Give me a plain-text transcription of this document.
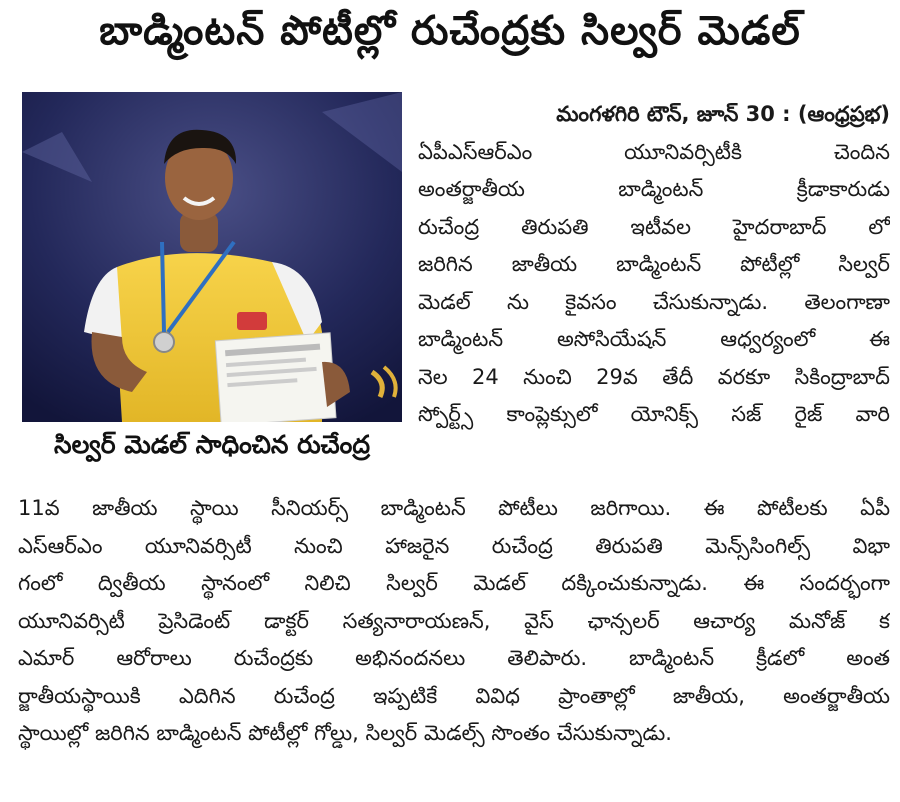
బాడ్మింటన్ పోటీల్లో రుచేంద్రకు సిల్వర్ మెడల్
సిల్వర్ మెడల్ సాధించిన రుచేంద్ర
మంగళగిరి టౌన్, జూన్ 30 : (ఆంధ్రప్రభ)
ఏపీఎస్ఆర్ఎం యూనివర్సిటీకి చెందిన
అంతర్జాతీయ బాడ్మింటన్ క్రీడాకారుడు
రుచేంద్ర తిరుపతి ఇటీవల హైదరాబాద్ లో
జరిగిన జాతీయ బాడ్మింటన్ పోటీల్లో సిల్వర్
మెడల్ ను కైవసం చేసుకున్నాడు. తెలంగాణా
బాడ్మింటన్ అసోసియేషన్ ఆధ్వర్యంలో ఈ
నెల 24 నుంచి 29వ తేదీ వరకూ సికింద్రాబాద్
స్పోర్ట్స్ కాంప్లెక్సులో యోనిక్స్ సజ్ రైజ్ వారి
11వ జాతీయ స్థాయి సీనియర్స్ బాడ్మింటన్ పోటీలు జరిగాయి. ఈ పోటీలకు ఏపీ
ఎస్ఆర్ఎం యూనివర్సిటీ నుంచి హాజరైన రుచేంద్ర తిరుపతి మెన్స్‌సింగిల్స్ విభా
గంలో ద్వితీయ స్థానంలో నిలిచి సిల్వర్ మెడల్ దక్కించుకున్నాడు. ఈ సందర్భంగా
యూనివర్సిటీ ప్రెసిడెంట్ డాక్టర్ సత్యనారాయణన్, వైస్ ఛాన్సలర్ ఆచార్య మనోజ్ క
ఎమార్ ఆరోరాలు రుచేంద్రకు అభినందనలు తెలిపారు. బాడ్మింటన్ క్రీడలో అంత
ర్జాతీయస్థాయికి ఎదిగిన రుచేంద్ర ఇప్పటికే వివిధ ప్రాంతాల్లో జాతీయ, అంతర్జాతీయ
స్థాయిల్లో జరిగిన బాడ్మింటన్ పోటీల్లో గోల్డు, సిల్వర్ మెడల్స్ సొంతం చేసుకున్నాడు.
